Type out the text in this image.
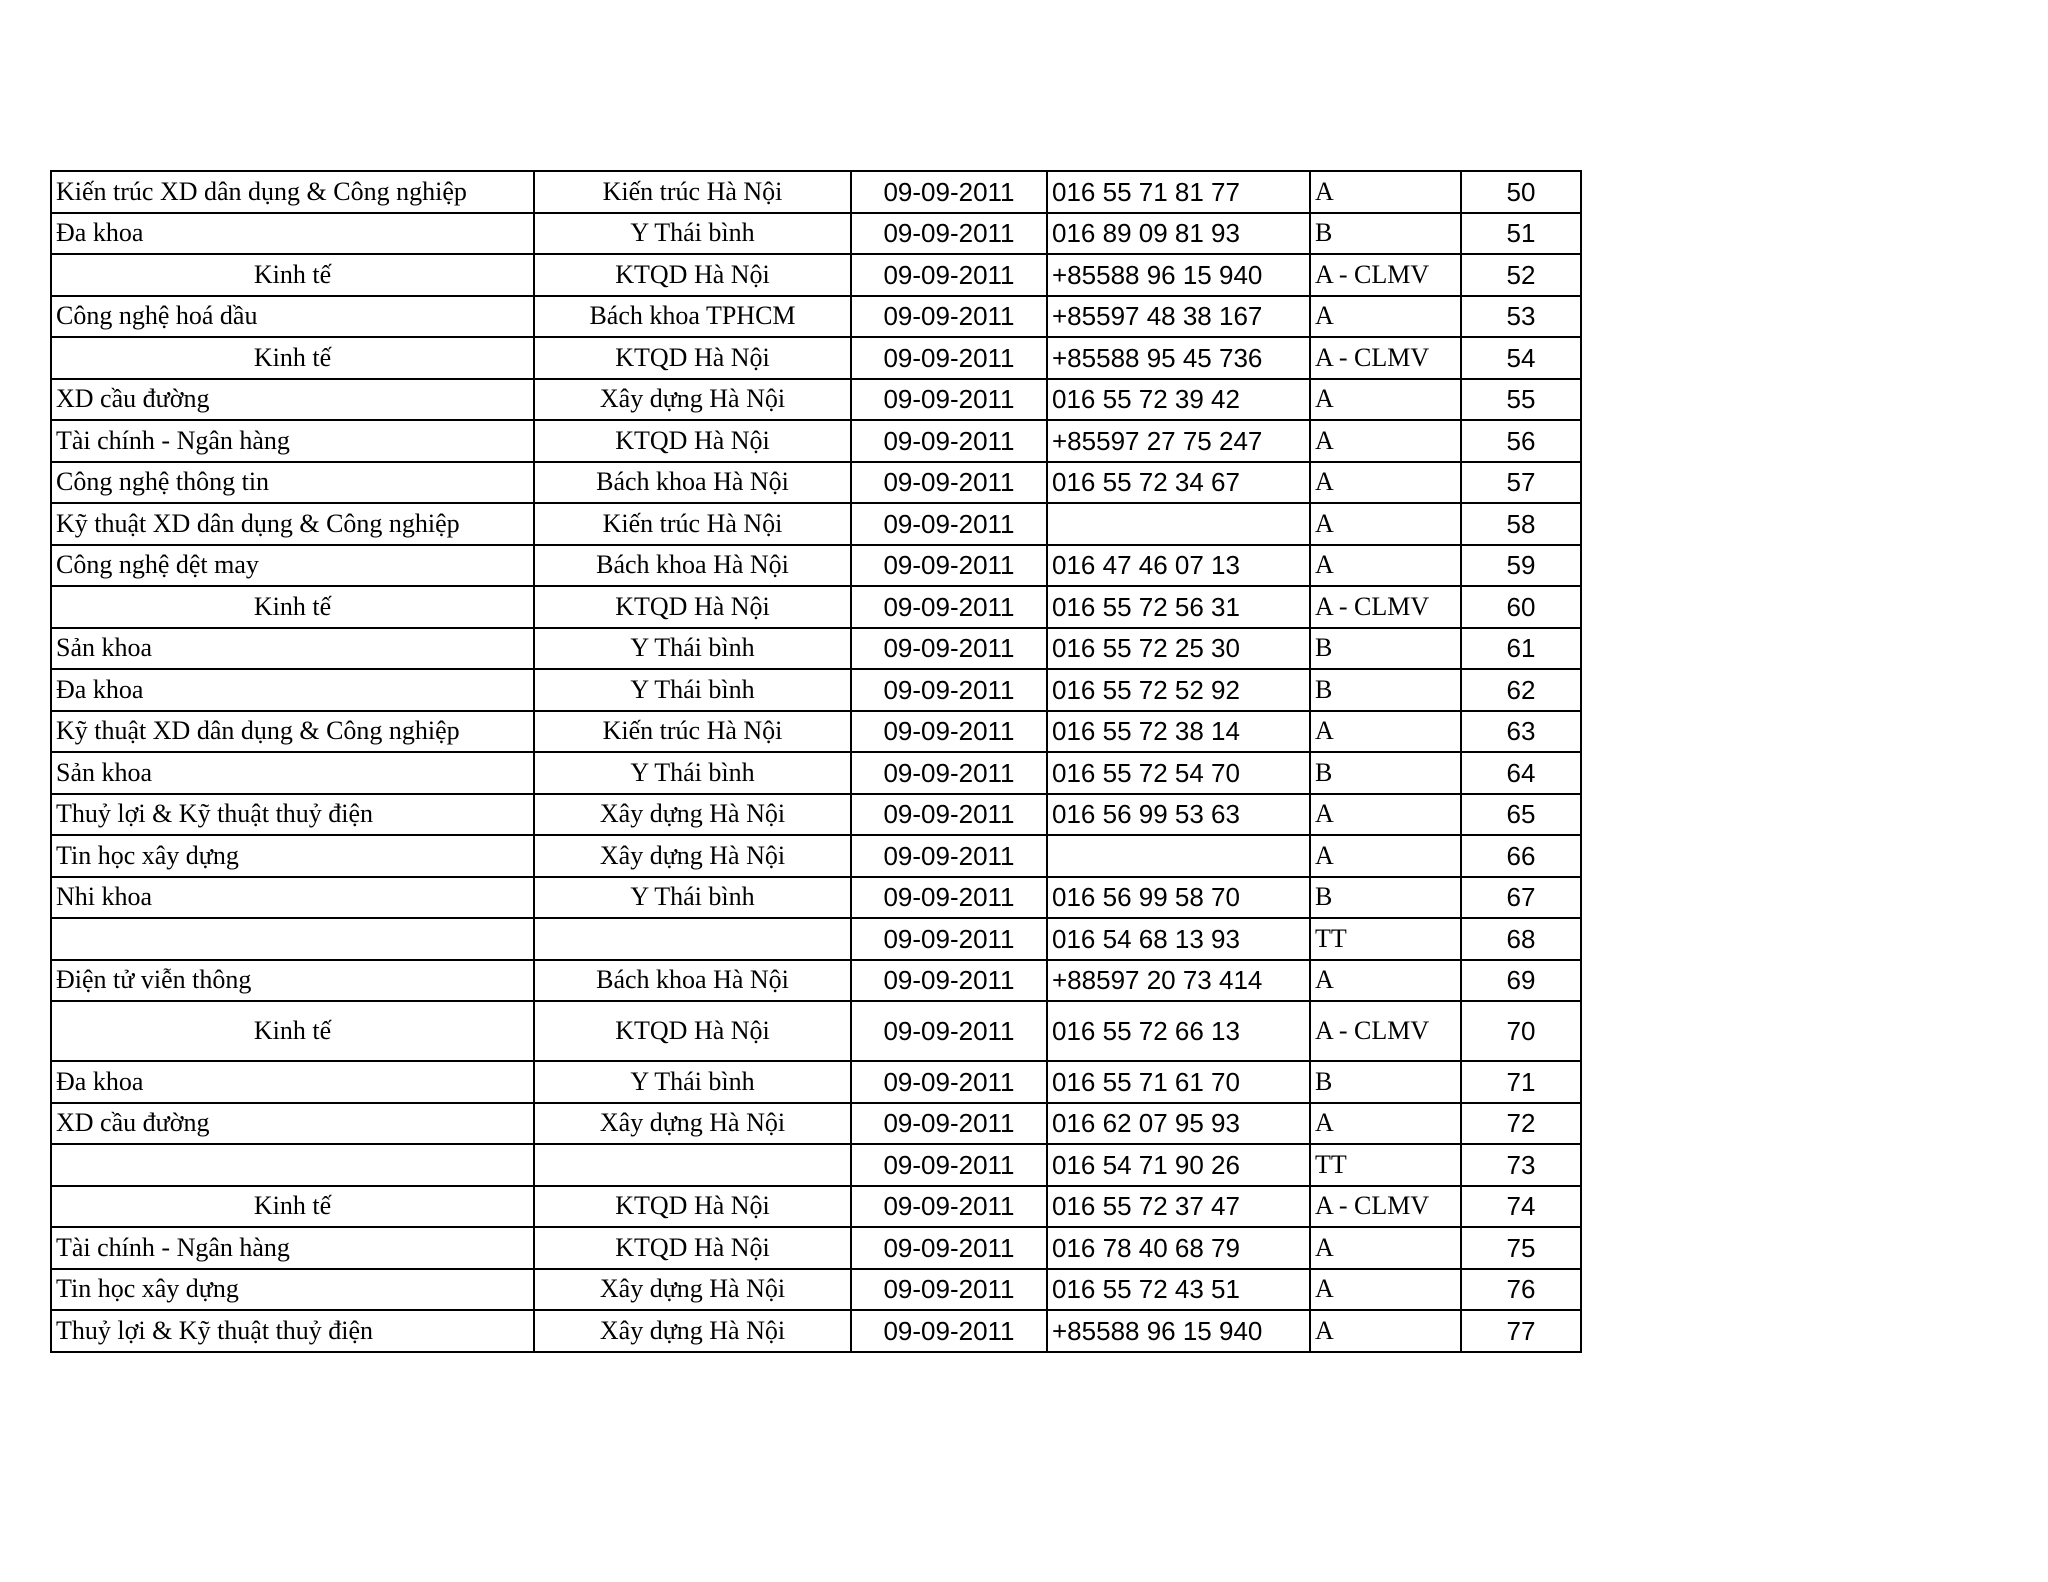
Kiến trúc XD dân dụng & Công nghiệp	Kiến trúc Hà Nội	09-09-2011	016 55 71 81 77	A	50
Đa khoa	Y Thái bình	09-09-2011	016 89 09 81 93	B	51
Kinh tế	KTQD Hà Nội	09-09-2011	+85588 96 15 940	A - CLMV	52
Công nghệ hoá dầu	Bách khoa TPHCM	09-09-2011	+85597 48 38 167	A	53
Kinh tế	KTQD Hà Nội	09-09-2011	+85588 95 45 736	A - CLMV	54
XD cầu đường	Xây dựng Hà Nội	09-09-2011	016 55 72 39 42	A	55
Tài chính - Ngân hàng	KTQD Hà Nội	09-09-2011	+85597 27 75 247	A	56
Công nghệ thông tin	Bách khoa Hà Nội	09-09-2011	016 55 72 34 67	A	57
Kỹ thuật XD dân dụng & Công nghiệp	Kiến trúc Hà Nội	09-09-2011		A	58
Công nghệ dệt may	Bách khoa Hà Nội	09-09-2011	016 47 46 07 13	A	59
Kinh tế	KTQD Hà Nội	09-09-2011	016 55 72 56 31	A - CLMV	60
Sản khoa	Y Thái bình	09-09-2011	016 55 72 25 30	B	61
Đa khoa	Y Thái bình	09-09-2011	016 55 72 52 92	B	62
Kỹ thuật XD dân dụng & Công nghiệp	Kiến trúc Hà Nội	09-09-2011	016 55 72 38 14	A	63
Sản khoa	Y Thái bình	09-09-2011	016 55 72 54 70	B	64
Thuỷ lợi & Kỹ thuật thuỷ điện	Xây dựng Hà Nội	09-09-2011	016 56 99 53 63	A	65
Tin học xây dựng	Xây dựng Hà Nội	09-09-2011		A	66
Nhi khoa	Y Thái bình	09-09-2011	016 56 99 58 70	B	67
		09-09-2011	016 54 68 13 93	TT	68
Điện tử viễn thông	Bách khoa Hà Nội	09-09-2011	+88597 20 73 414	A	69
Kinh tế	KTQD Hà Nội	09-09-2011	016 55 72 66 13	A - CLMV	70
Đa khoa	Y Thái bình	09-09-2011	016 55 71 61 70	B	71
XD cầu đường	Xây dựng Hà Nội	09-09-2011	016 62 07 95 93	A	72
		09-09-2011	016 54 71 90 26	TT	73
Kinh tế	KTQD Hà Nội	09-09-2011	016 55 72 37 47	A - CLMV	74
Tài chính - Ngân hàng	KTQD Hà Nội	09-09-2011	016 78 40 68 79	A	75
Tin học xây dựng	Xây dựng Hà Nội	09-09-2011	016 55 72 43 51	A	76
Thuỷ lợi & Kỹ thuật thuỷ điện	Xây dựng Hà Nội	09-09-2011	+85588 96 15 940	A	77
